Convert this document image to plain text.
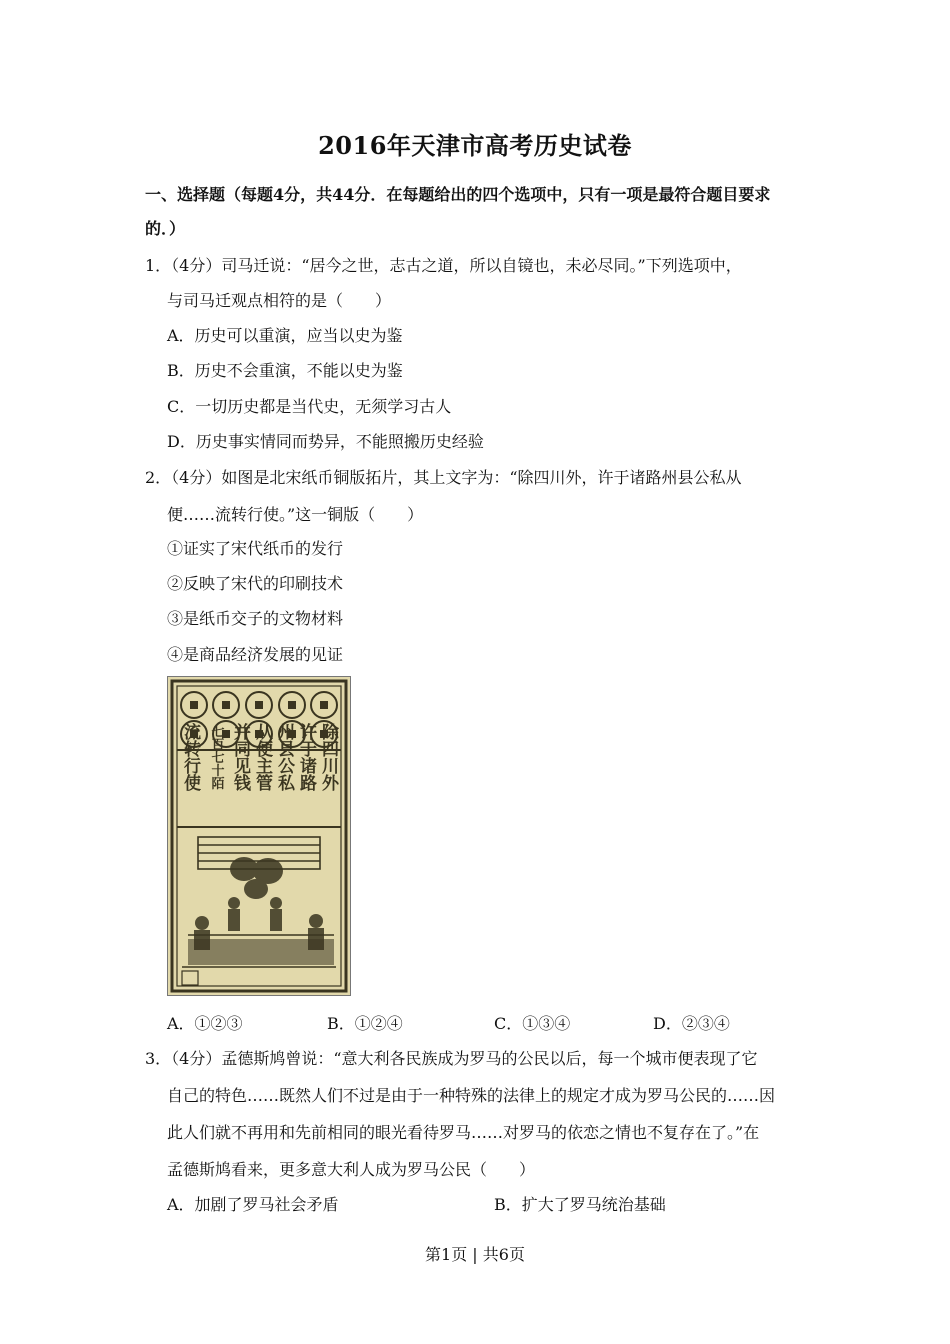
2016年天津市高考历史试卷
一、选择题（每题4分，共44分．在每题给出的四个选项中，只有一项是最符合题目要求
的．）
1．（4分）司马迁说：“居今之世，志古之道，所以自镜也，未必尽同。”下列选项中，
与司马迁观点相符的是（　　）
A．历史可以重演，应当以史为鉴
B．历史不会重演，不能以史为鉴
C．一切历史都是当代史，无须学习古人
D．历史事实情同而势异，不能照搬历史经验
2．（4分）如图是北宋纸币铜版拓片，其上文字为：“除四川外，许于诸路州县公私从
便……流转行使。”这一铜版（　　）
①证实了宋代纸币的发行
②反映了宋代的印刷技术
③是纸币交子的文物材料
④是商品经济发展的见证
除四川外
许于诸路
州县公私
从便主管
并同见钱
七百七十陌
流转行使
A．①②③	B．①②④	C．①③④	D．②③④
3．（4分）孟德斯鸠曾说：“意大利各民族成为罗马的公民以后，每一个城市便表现了它
自己的特色……既然人们不过是由于一种特殊的法律上的规定才成为罗马公民的……因
此人们就不再用和先前相同的眼光看待罗马……对罗马的依恋之情也不复存在了。”在
孟德斯鸠看来，更多意大利人成为罗马公民（　　）
A．加剧了罗马社会矛盾	B．扩大了罗马统治基础
第1页 | 共6页
